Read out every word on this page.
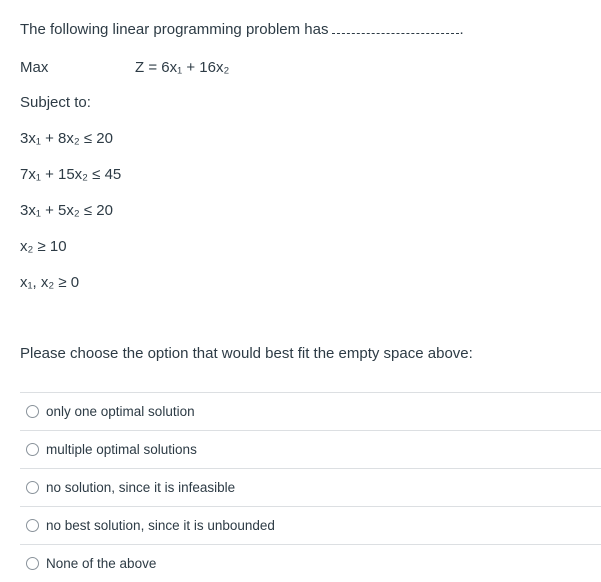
The following linear programming problem has	.
Max	Z = 6x₁ + 16x₂
Subject to:
3x₁ + 8x₂ ≤ 20
7x₁ + 15x₂ ≤ 45
3x₁ + 5x₂ ≤ 20
x₂ ≥ 10
x₁, x₂ ≥ 0
Please choose the option that would best fit the empty space above:
only one optimal solution
multiple optimal solutions
no solution, since it is infeasible
no best solution, since it is unbounded
None of the above
